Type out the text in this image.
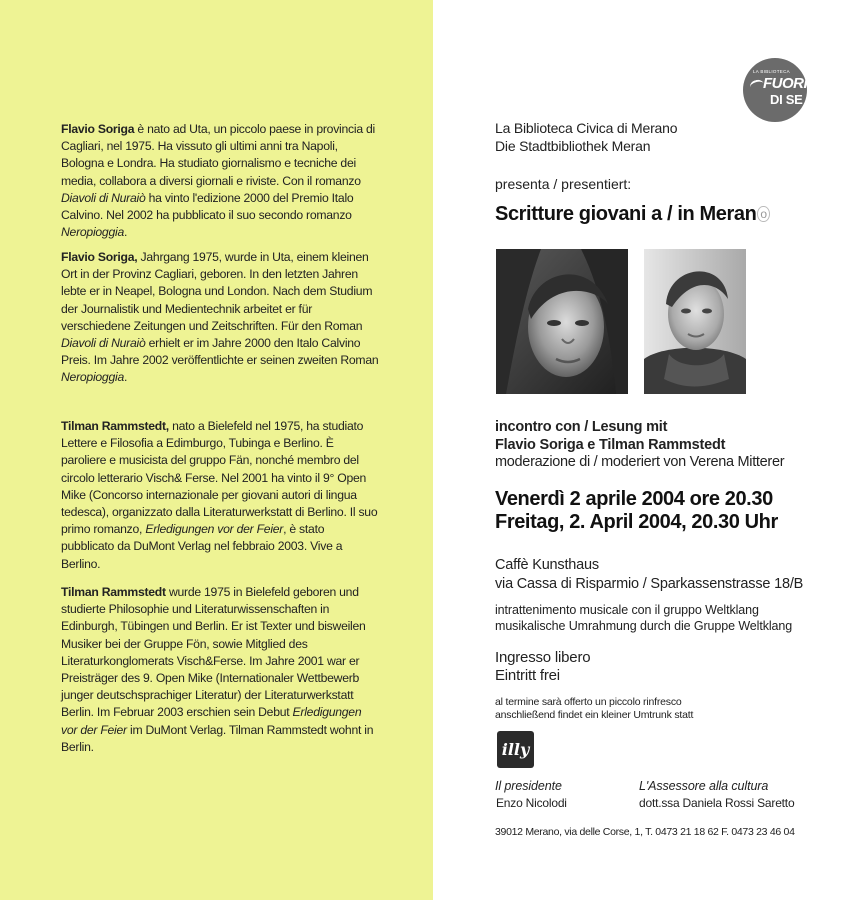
Flavio Soriga è nato ad Uta, un piccolo paese in provincia di Cagliari, nel 1975. Ha vissuto gli ultimi anni tra Napoli, Bologna e Londra. Ha studiato giornalismo e tecniche dei media, collabora a diversi giornali e riviste. Con il romanzo Diavoli di Nuraiò ha vinto l'edizione 2000 del Premio Italo Calvino. Nel 2002 ha pubblicato il suo secondo romanzo Neropioggia.
Flavio Soriga, Jahrgang 1975, wurde in Uta, einem kleinen Ort in der Provinz Cagliari, geboren. In den letzten Jahren lebte er in Neapel, Bologna und London. Nach dem Studium der Journalistik und Medientechnik arbeitet er für verschiedene Zeitungen und Zeitschriften. Für den Roman Diavoli di Nuraiò erhielt er im Jahre 2000 den Italo Calvino Preis. Im Jahre 2002 veröffentlichte er seinen zweiten Roman Neropioggia.
Tilman Rammstedt, nato a Bielefeld nel 1975, ha studiato Lettere e Filosofia a Edimburgo, Tubinga e Berlino. È paroliere e musicista del gruppo Fän, nonché membro del circolo letterario Visch& Ferse. Nel 2001 ha vinto il 9° Open Mike (Concorso internazionale per giovani autori di lingua tedesca), organizzato dalla Literaturwerkstatt di Berlino. Il suo primo romanzo, Erledigungen vor der Feier, è stato pubblicato da DuMont Verlag nel febbraio 2003. Vive a Berlino.
Tilman Rammstedt wurde 1975 in Bielefeld geboren und studierte Philosophie und Literaturwissenschaften in Edinburgh, Tübingen und Berlin. Er ist Texter und bisweilen Musiker bei der Gruppe Fön, sowie Mitglied des Literaturkonglomerats Visch&Ferse. Im Jahre 2001 war er Preisträger des 9. Open Mike (Internationaler Wettbewerb junger deutschsprachiger Literatur) der Literaturwerkstatt Berlin. Im Februar 2003 erschien sein Debut Erledigungen vor der Feier im DuMont Verlag. Tilman Rammstedt wohnt in Berlin.
LA BIBLIOTECA
FUORI
DI SE
La Biblioteca Civica di Merano
Die Stadtbibliothek Meran
presenta / presentiert:
Scritture giovani a / in Meran o
incontro con / Lesung mit
Flavio Soriga e Tilman Rammstedt
moderazione di / moderiert von Verena Mitterer
Venerdì 2 aprile 2004 ore 20.30
Freitag, 2. April 2004, 20.30 Uhr
Caffè Kunsthaus
via Cassa di Risparmio / Sparkassenstrasse 18/B
intrattenimento musicale con il gruppo Weltklang
musikalische Umrahmung durch die Gruppe Weltklang
Ingresso libero
Eintritt frei
al termine sarà offerto un piccolo rinfresco
anschließend findet ein kleiner Umtrunk statt
illy
Il presidente
Enzo Nicolodi
L'Assessore alla cultura
dott.ssa Daniela Rossi Saretto
39012 Merano, via delle Corse, 1, T. 0473 21 18 62 F. 0473 23 46 04
